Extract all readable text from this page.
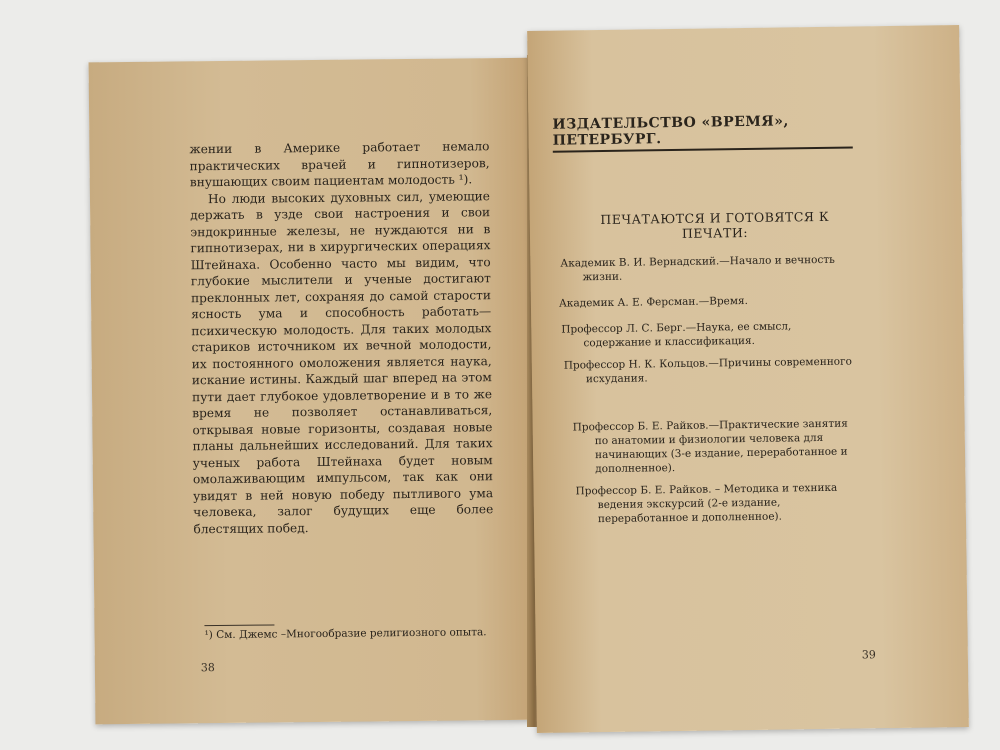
жении в Америке работает немало практических врачей и гипнотизеров, внушающих своим пациентам молодость ¹).

Но люди высоких духовных сил, умеющие держать в узде свои настроения и свои эндокринные железы, не нуждаются ни в гипнотизерах, ни в хирургических операциях Штейнаха. Особенно часто мы видим, что глубокие мыслители и ученые достигают преклонных лет, сохраняя до самой старости ясность ума и способность работать—психическую молодость. Для таких молодых стариков источником их вечной молодости, их постоянного омоложения является наука, искание истины. Каждый шаг вперед на этом пути дает глубокое удовлетворение и в то же время не позволяет останавливаться, открывая новые горизонты, создавая новые планы дальнейших исследований. Для таких ученых работа Штейнаха будет новым омолаживающим импульсом, так как они увидят в ней новую победу пытливого ума человека, залог будущих еще более блестящих побед.

¹) См. Джемс –Многообразие религиозного опыта.
38
ИЗДАТЕЛЬСТВО «ВРЕМЯ», ПЕТЕРБУРГ.
ПЕЧАТАЮТСЯ И ГОТОВЯТСЯ К ПЕЧАТИ:
Академик В. И. Вернадский.—Начало и вечность жизни.
Академик А. Е. Ферсман.—Время.
Профессор Л. С. Берг.—Наука, ее смысл, содержание и классификация.
Профессор Н. К. Кольцов.—Причины современного исхудания.
Профессор Б. Е. Райков.—Практические занятия по анатомии и физиологии человека для начинающих (3-е издание, переработанное и дополненное).
Профессор Б. Е. Райков. – Методика и техника ведения экскурсий (2-е издание, переработанное и дополненное).
39
